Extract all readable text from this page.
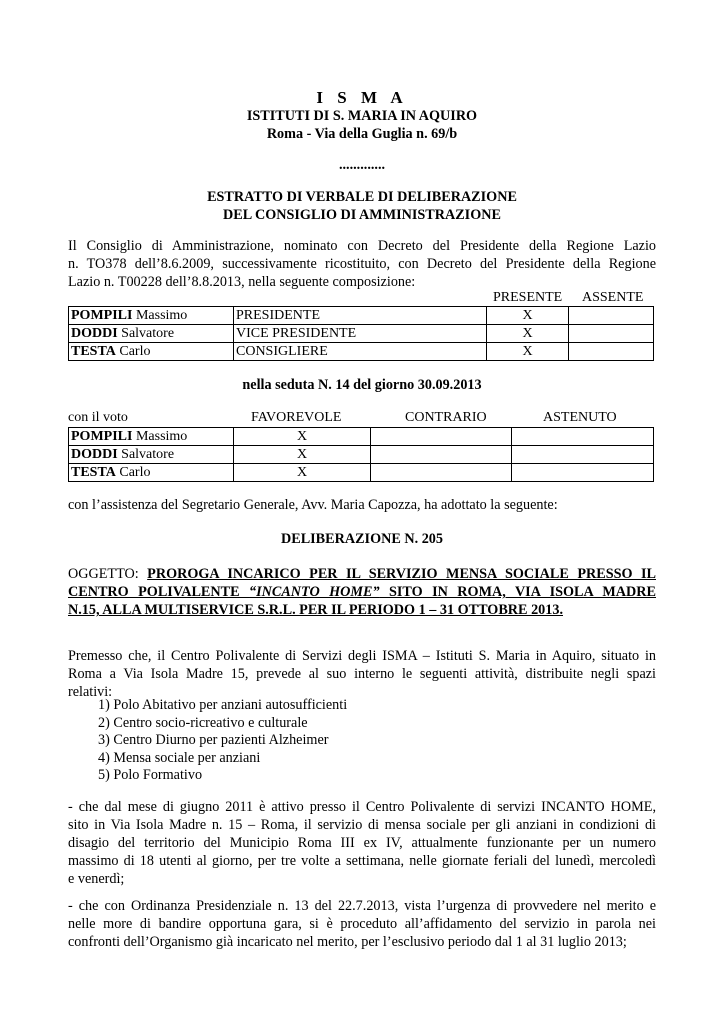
I S M A
ISTITUTI DI S. MARIA IN AQUIRO
Roma - Via della Guglia n. 69/b
.............
ESTRATTO DI VERBALE DI DELIBERAZIONE
DEL CONSIGLIO DI AMMINISTRAZIONE
Il Consiglio di Amministrazione, nominato con Decreto del Presidente della Regione Lazio
n. TO378 dell’8.6.2009, successivamente ricostituito, con Decreto del Presidente della Regione
Lazio n. T00228 dell’8.8.2013, nella seguente composizione:
PRESENTE ASSENTE
POMPILI Massimo	PRESIDENTE	X	
DODDI Salvatore	VICE PRESIDENTE	X	
TESTA Carlo	CONSIGLIERE	X	
nella seduta N. 14 del giorno 30.09.2013
con il voto	FAVOREVOLE	CONTRARIO	ASTENUTO
POMPILI Massimo	X		
DODDI Salvatore	X		
TESTA Carlo	X		
con l’assistenza del Segretario Generale, Avv. Maria Capozza, ha adottato la seguente:
DELIBERAZIONE N. 205
OGGETTO: PROROGA INCARICO PER IL SERVIZIO MENSA SOCIALE PRESSO IL
CENTRO POLIVALENTE “INCANTO HOME” SITO IN ROMA, VIA ISOLA MADRE
N.15, ALLA MULTISERVICE S.R.L. PER IL PERIODO 1 – 31 OTTOBRE 2013.
Premesso che, il Centro Polivalente di Servizi degli ISMA – Istituti S. Maria in Aquiro, situato in
Roma a Via Isola Madre 15, prevede al suo interno le seguenti attività, distribuite negli spazi
relativi:
1) Polo Abitativo per anziani autosufficienti
2) Centro socio-ricreativo e culturale
3) Centro Diurno per pazienti Alzheimer
4) Mensa sociale per anziani
5) Polo Formativo
- che dal mese di giugno 2011 è attivo presso il Centro Polivalente di servizi INCANTO HOME,
sito in Via Isola Madre n. 15 – Roma, il servizio di mensa sociale per gli anziani in condizioni di
disagio del territorio del Municipio Roma III ex IV, attualmente funzionante per un numero
massimo di 18 utenti al giorno, per tre volte a settimana, nelle giornate feriali del lunedì, mercoledì
e venerdì;
- che con Ordinanza Presidenziale n. 13 del 22.7.2013, vista l’urgenza di provvedere nel merito e
nelle more di bandire opportuna gara, si è proceduto all’affidamento del servizio in parola nei
confronti dell’Organismo già incaricato nel merito, per l’esclusivo periodo dal 1 al 31 luglio 2013;
